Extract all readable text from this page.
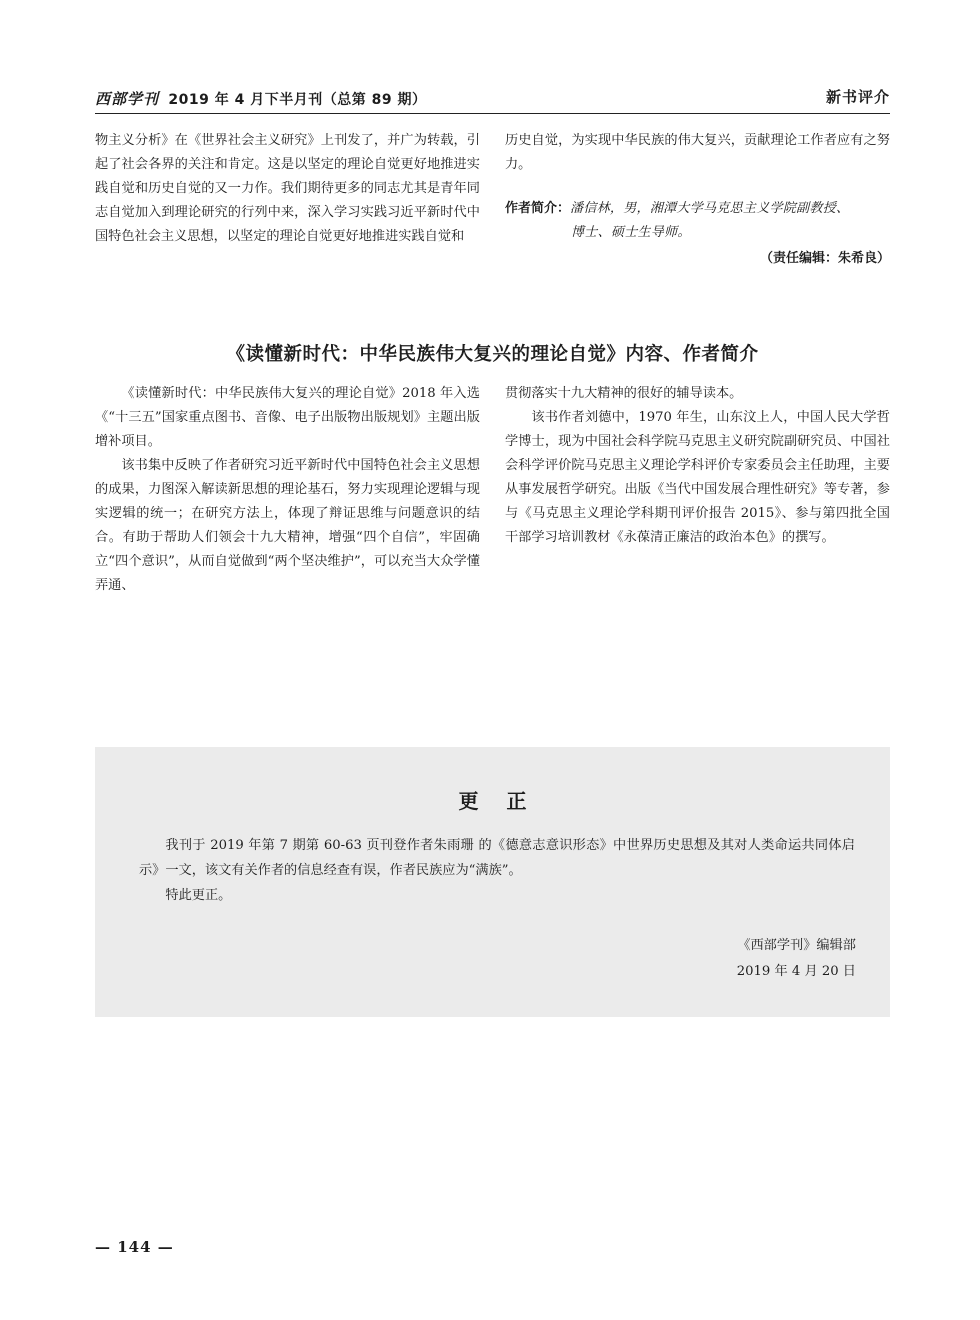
西部学刊 2019 年 4 月下半月刊（总第 89 期）	新书评介

物主义分析》在《世界社会主义研究》上刊发了，并广为转载，引起了社会各界的关注和肯定。这是以坚定的理论自觉更好地推进实践自觉和历史自觉的又一力作。我们期待更多的同志尤其是青年同志自觉加入到理论研究的行列中来，深入学习实践习近平新时代中国特色社会主义思想，以坚定的理论自觉更好地推进实践自觉和

历史自觉，为实现中华民族的伟大复兴，贡献理论工作者应有之努力。

作者简介：潘信林，男，湘潭大学马克思主义学院副教授、
博士、硕士生导师。
（责任编辑：朱希良）
《读懂新时代：中华民族伟大复兴的理论自觉》内容、作者简介

《读懂新时代：中华民族伟大复兴的理论自觉》2018 年入选《“十三五”国家重点图书、音像、电子出版物出版规划》主题出版增补项目。

该书集中反映了作者研究习近平新时代中国特色社会主义思想的成果，力图深入解读新思想的理论基石，努力实现理论逻辑与现实逻辑的统一；在研究方法上，体现了辩证思维与问题意识的结合。有助于帮助人们领会十九大精神，增强“四个自信”，牢固确立“四个意识”，从而自觉做到“两个坚决维护”，可以充当大众学懂弄通、

贯彻落实十九大精神的很好的辅导读本。

该书作者刘德中，1970 年生，山东汶上人，中国人民大学哲学博士，现为中国社会科学院马克思主义研究院副研究员、中国社会科学评价院马克思主义理论学科评价专家委员会主任助理，主要从事发展哲学研究。出版《当代中国发展合理性研究》等专著，参与《马克思主义理论学科期刊评价报告 2015》、参与第四批全国干部学习培训教材《永葆清正廉洁的政治本色》的撰写。

更 正

我刊于 2019 年第 7 期第 60-63 页刊登作者朱雨珊 的《德意志意识形态》中世界历史思想及其对人类命运共同体启示》一文，该文有关作者的信息经查有误，作者民族应为“满族”。

特此更正。

《西部学刊》编辑部
2019 年 4 月 20 日
— 144 —
